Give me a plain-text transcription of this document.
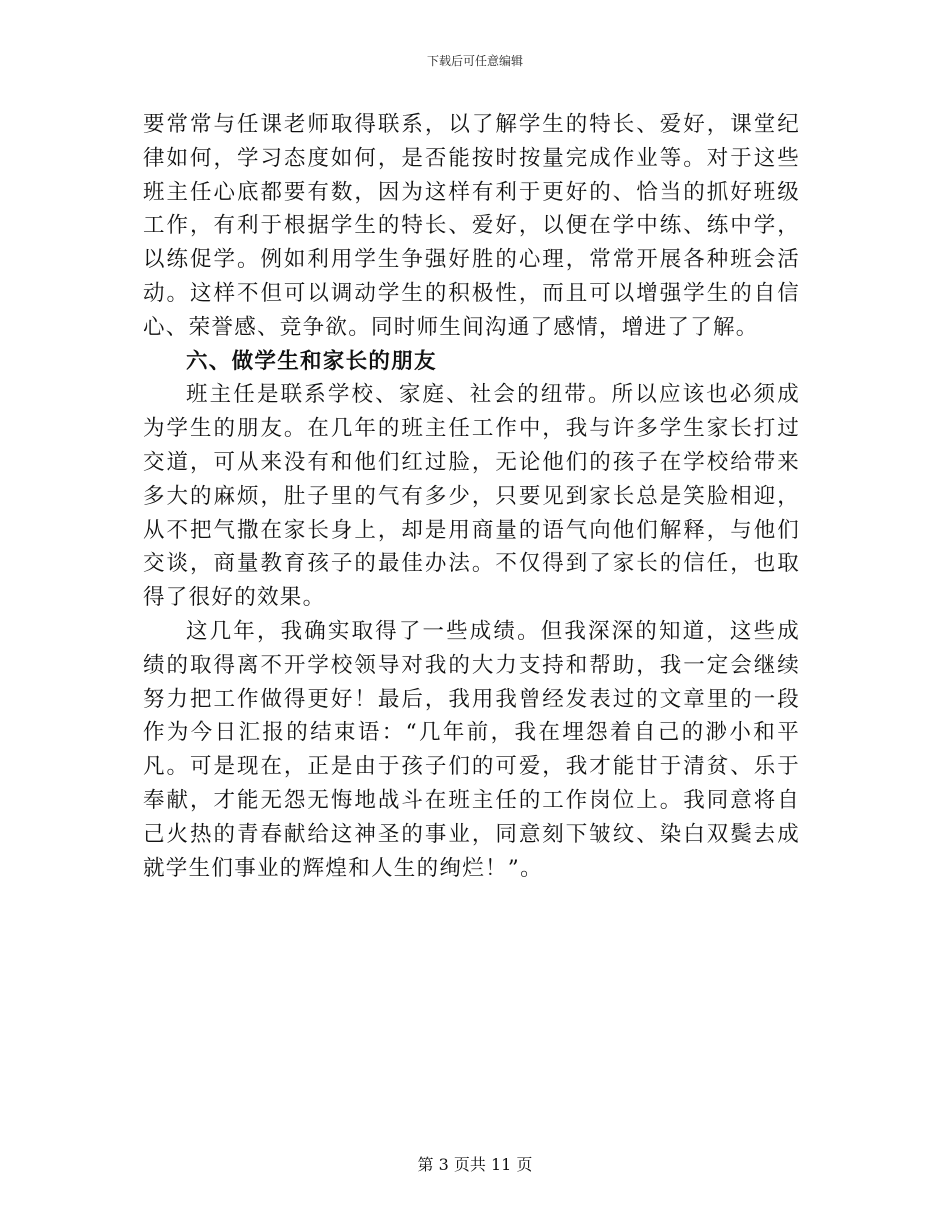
下载后可任意编辑

要常常与任课老师取得联系，以了解学生的特长、爱好，课堂纪律如何，学习态度如何，是否能按时按量完成作业等。对于这些班主任心底都要有数，因为这样有利于更好的、恰当的抓好班级工作，有利于根据学生的特长、爱好，以便在学中练、练中学，以练促学。例如利用学生争强好胜的心理，常常开展各种班会活动。这样不但可以调动学生的积极性，而且可以增强学生的自信心、荣誉感、竞争欲。同时师生间沟通了感情，增进了了解。

六、做学生和家长的朋友

班主任是联系学校、家庭、社会的纽带。所以应该也必须成为学生的朋友。在几年的班主任工作中，我与许多学生家长打过交道，可从来没有和他们红过脸，无论他们的孩子在学校给带来多大的麻烦，肚子里的气有多少，只要见到家长总是笑脸相迎，从不把气撒在家长身上，却是用商量的语气向他们解释，与他们交谈，商量教育孩子的最佳办法。不仅得到了家长的信任，也取得了很好的效果。

这几年，我确实取得了一些成绩。但我深深的知道，这些成绩的取得离不开学校领导对我的大力支持和帮助，我一定会继续努力把工作做得更好！最后，我用我曾经发表过的文章里的一段作为今日汇报的结束语：“几年前，我在埋怨着自己的渺小和平凡。可是现在，正是由于孩子们的可爱，我才能甘于清贫、乐于奉献，才能无怨无悔地战斗在班主任的工作岗位上。我同意将自己火热的青春献给这神圣的事业，同意刻下皱纹、染白双鬓去成就学生们事业的辉煌和人生的绚烂！”。

第 3 页共 11 页
